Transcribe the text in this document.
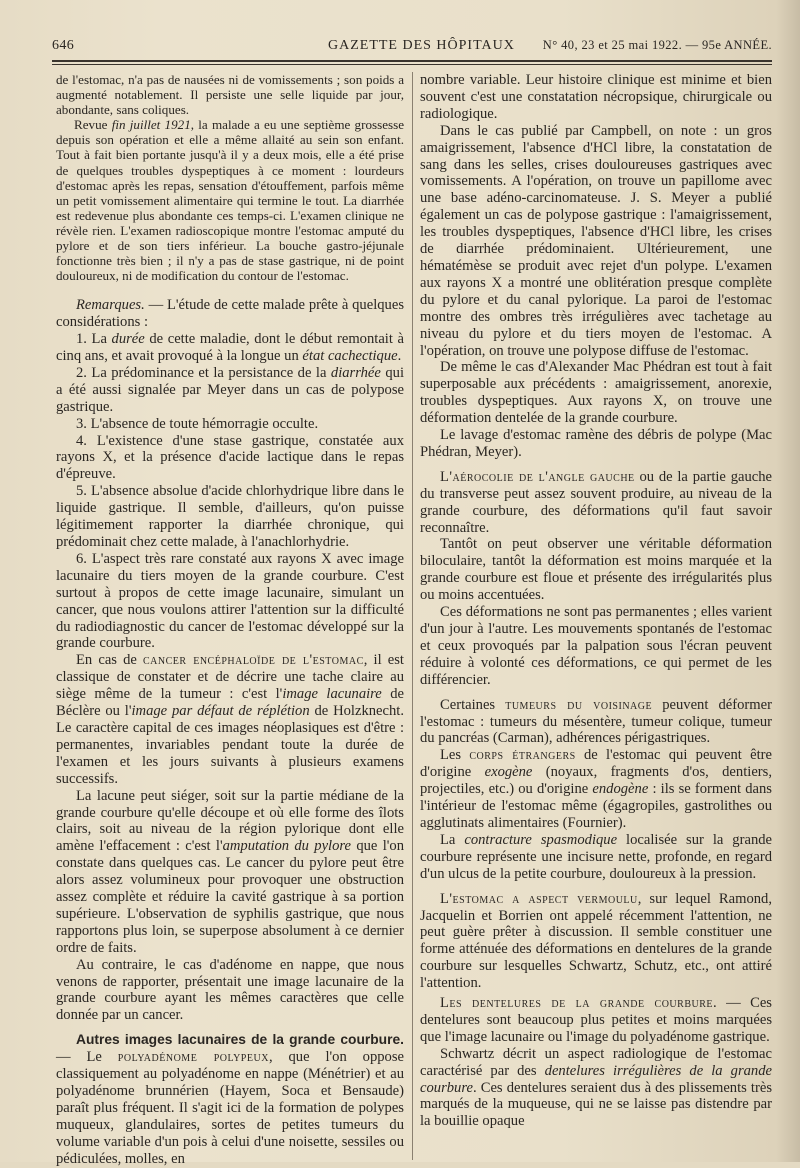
646	GAZETTE DES HÔPITAUX N° 40, 23 et 25 mai 1922. — 95e ANNÉE.

de l'estomac, n'a pas de nausées ni de vomissements ; son poids a augmenté notablement. Il persiste une selle liquide par jour, abondante, sans coliques.

Revue fin juillet 1921, la malade a eu une septième grossesse depuis son opération et elle a même allaité au sein son enfant. Tout à fait bien portante jusqu'à il y a deux mois, elle a été prise de quelques troubles dyspeptiques à ce moment : lourdeurs d'estomac après les repas, sensation d'étouffement, parfois même un petit vomissement alimentaire qui termine le tout. La diarrhée est redevenue plus abondante ces temps-ci. L'examen clinique ne révèle rien. L'examen radioscopique montre l'estomac amputé du pylore et de son tiers inférieur. La bouche gastro-jéjunale fonctionne très bien ; il n'y a pas de stase gastrique, ni de point douloureux, ni de modification du contour de l'estomac.

Remarques. — L'étude de cette malade prête à quelques considérations :

1. La durée de cette maladie, dont le début remontait à cinq ans, et avait provoqué à la longue un état cachectique.

2. La prédominance et la persistance de la diarrhée qui a été aussi signalée par Meyer dans un cas de polypose gastrique.

3. L'absence de toute hémorragie occulte.

4. L'existence d'une stase gastrique, constatée aux rayons X, et la présence d'acide lactique dans le repas d'épreuve.

5. L'absence absolue d'acide chlorhydrique libre dans le liquide gastrique. Il semble, d'ailleurs, qu'on puisse légitimement rapporter la diarrhée chronique, qui prédominait chez cette malade, à l'anachlorhydrie.

6. L'aspect très rare constaté aux rayons X avec image lacunaire du tiers moyen de la grande courbure. C'est surtout à propos de cette image lacunaire, simulant un cancer, que nous voulons attirer l'attention sur la difficulté du radiodiagnostic du cancer de l'estomac développé sur la grande courbure.

En cas de cancer encéphaloïde de l'estomac, il est classique de constater et de décrire une tache claire au siège même de la tumeur : c'est l'image lacunaire de Béclère ou l'image par défaut de réplétion de Holzknecht. Le caractère capital de ces images néoplasiques est d'être : permanentes, invariables pendant toute la durée de l'examen et les jours suivants à plusieurs examens successifs.

La lacune peut siéger, soit sur la partie médiane de la grande courbure qu'elle découpe et où elle forme des îlots clairs, soit au niveau de la région pylorique dont elle amène l'effacement : c'est l'amputation du pylore que l'on constate dans quelques cas. Le cancer du pylore peut être alors assez volumineux pour provoquer une obstruction assez complète et réduire la cavité gastrique à sa portion supérieure. L'observation de syphilis gastrique, que nous rapportons plus loin, se superpose absolument à ce dernier ordre de faits.

Au contraire, le cas d'adénome en nappe, que nous venons de rapporter, présentait une image lacunaire de la grande courbure ayant les mêmes caractères que celle donnée par un cancer.

Autres images lacunaires de la grande courbure. — Le polyadénome polypeux, que l'on oppose classiquement au polyadénome en nappe (Ménétrier) et au polyadénome brunnérien (Hayem, Soca et Bensaude) paraît plus fréquent. Il s'agit ici de la formation de polypes muqueux, glandulaires, sortes de petites tumeurs du volume variable d'un pois à celui d'une noisette, sessiles ou pédiculées, molles, en

nombre variable. Leur histoire clinique est minime et bien souvent c'est une constatation nécropsique, chirurgicale ou radiologique.

Dans le cas publié par Campbell, on note : un gros amaigrissement, l'absence d'HCl libre, la constatation de sang dans les selles, crises douloureuses gastriques avec vomissements. A l'opération, on trouve un papillome avec une base adéno-carcinomateuse. J. S. Meyer a publié également un cas de polypose gastrique : l'amaigrissement, les troubles dyspeptiques, l'absence d'HCl libre, les crises de diarrhée prédominaient. Ultérieurement, une hématémèse se produit avec rejet d'un polype. L'examen aux rayons X a montré une oblitération presque complète du pylore et du canal pylorique. La paroi de l'estomac montre des ombres très irrégulières avec tachetage au niveau du pylore et du tiers moyen de l'estomac. A l'opération, on trouve une polypose diffuse de l'estomac.

De même le cas d'Alexander Mac Phédran est tout à fait superposable aux précédents : amaigrissement, anorexie, troubles dyspeptiques. Aux rayons X, on trouve une déformation dentelée de la grande courbure.

Le lavage d'estomac ramène des débris de polype (Mac Phédran, Meyer).

L'aérocolie de l'angle gauche ou de la partie gauche du transverse peut assez souvent produire, au niveau de la grande courbure, des déformations qu'il faut savoir reconnaître.

Tantôt on peut observer une véritable déformation biloculaire, tantôt la déformation est moins marquée et la grande courbure est floue et présente des irrégularités plus ou moins accentuées.

Ces déformations ne sont pas permanentes ; elles varient d'un jour à l'autre. Les mouvements spontanés de l'estomac et ceux provoqués par la palpation sous l'écran peuvent réduire à volonté ces déformations, ce qui permet de les différencier.

Certaines tumeurs du voisinage peuvent déformer l'estomac : tumeurs du mésentère, tumeur colique, tumeur du pancréas (Carman), adhérences périgastriques.

Les corps étrangers de l'estomac qui peuvent être d'origine exogène (noyaux, fragments d'os, dentiers, projectiles, etc.) ou d'origine endogène : ils se forment dans l'intérieur de l'estomac même (égagropiles, gastrolithes ou agglutinats alimentaires (Fournier).

La contracture spasmodique localisée sur la grande courbure représente une incisure nette, profonde, en regard d'un ulcus de la petite courbure, douloureux à la pression.

L'estomac a aspect vermoulu, sur lequel Ramond, Jacquelin et Borrien ont appelé récemment l'attention, ne peut guère prêter à discussion. Il semble constituer une forme atténuée des déformations en dentelures de la grande courbure sur lesquelles Schwartz, Schutz, etc., ont attiré l'attention.

Les dentelures de la grande courbure. — Ces dentelures sont beaucoup plus petites et moins marquées que l'image lacunaire ou l'image du polyadénome gastrique.

Schwartz décrit un aspect radiologique de l'estomac caractérisé par des dentelures irrégulières de la grande courbure. Ces dentelures seraient dus à des plissements très marqués de la muqueuse, qui ne se laisse pas distendre par la bouillie opaque
